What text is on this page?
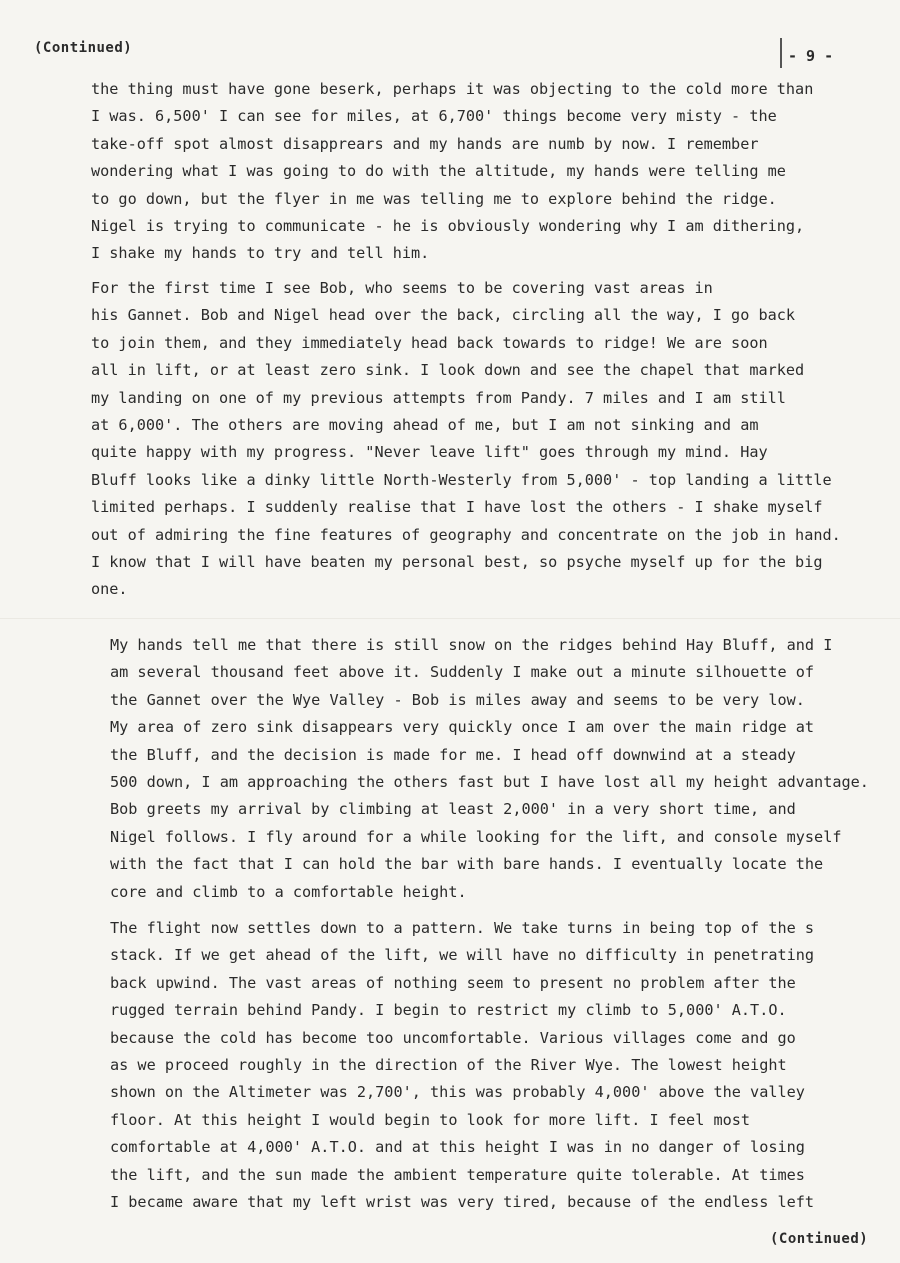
(Continued)	- 9 -
the thing must have gone beserk, perhaps it was objecting to the cold more than
I was. 6,500' I can see for miles, at 6,700' things become very misty - the
take-off spot almost disapprears and my hands are numb by now. I remember
wondering what I was going to do with the altitude, my hands were telling me
to go down, but the flyer in me was telling me to explore behind the ridge.
Nigel is trying to communicate - he is obviously wondering why I am dithering,
I shake my hands to try and tell him.
For the first time I see Bob, who seems to be covering vast areas in
his Gannet. Bob and Nigel head over the back, circling all the way, I go back
to join them, and they immediately head back towards to ridge! We are soon
all in lift, or at least zero sink. I look down and see the chapel that marked
my landing on one of my previous attempts from Pandy. 7 miles and I am still
at 6,000'. The others are moving ahead of me, but I am not sinking and am
quite happy with my progress. "Never leave lift" goes through my mind. Hay
Bluff looks like a dinky little North-Westerly from 5,000' - top landing a little
limited perhaps. I suddenly realise that I have lost the others - I shake myself
out of admiring the fine features of geography and concentrate on the job in hand.
I know that I will have beaten my personal best, so psyche myself up for the big
one.
My hands tell me that there is still snow on the ridges behind Hay Bluff, and I
am several thousand feet above it. Suddenly I make out a minute silhouette of
the Gannet over the Wye Valley - Bob is miles away and seems to be very low.
My area of zero sink disappears very quickly once I am over the main ridge at
the Bluff, and the decision is made for me. I head off downwind at a steady
500 down, I am approaching the others fast but I have lost all my height advantage.
Bob greets my arrival by climbing at least 2,000' in a very short time, and
Nigel follows. I fly around for a while looking for the lift, and console myself
with the fact that I can hold the bar with bare hands. I eventually locate the
core and climb to a comfortable height.
The flight now settles down to a pattern. We take turns in being top of the s
stack. If we get ahead of the lift, we will have no difficulty in penetrating
back upwind. The vast areas of nothing seem to present no problem after the
rugged terrain behind Pandy. I begin to restrict my climb to 5,000' A.T.O.
because the cold has become too uncomfortable. Various villages come and go
as we proceed roughly in the direction of the River Wye. The lowest height
shown on the Altimeter was 2,700', this was probably 4,000' above the valley
floor. At this height I would begin to look for more lift. I feel most
comfortable at 4,000' A.T.O. and at this height I was in no danger of losing
the lift, and the sun made the ambient temperature quite tolerable. At times
I became aware that my left wrist was very tired, because of the endless left
(Continued)
